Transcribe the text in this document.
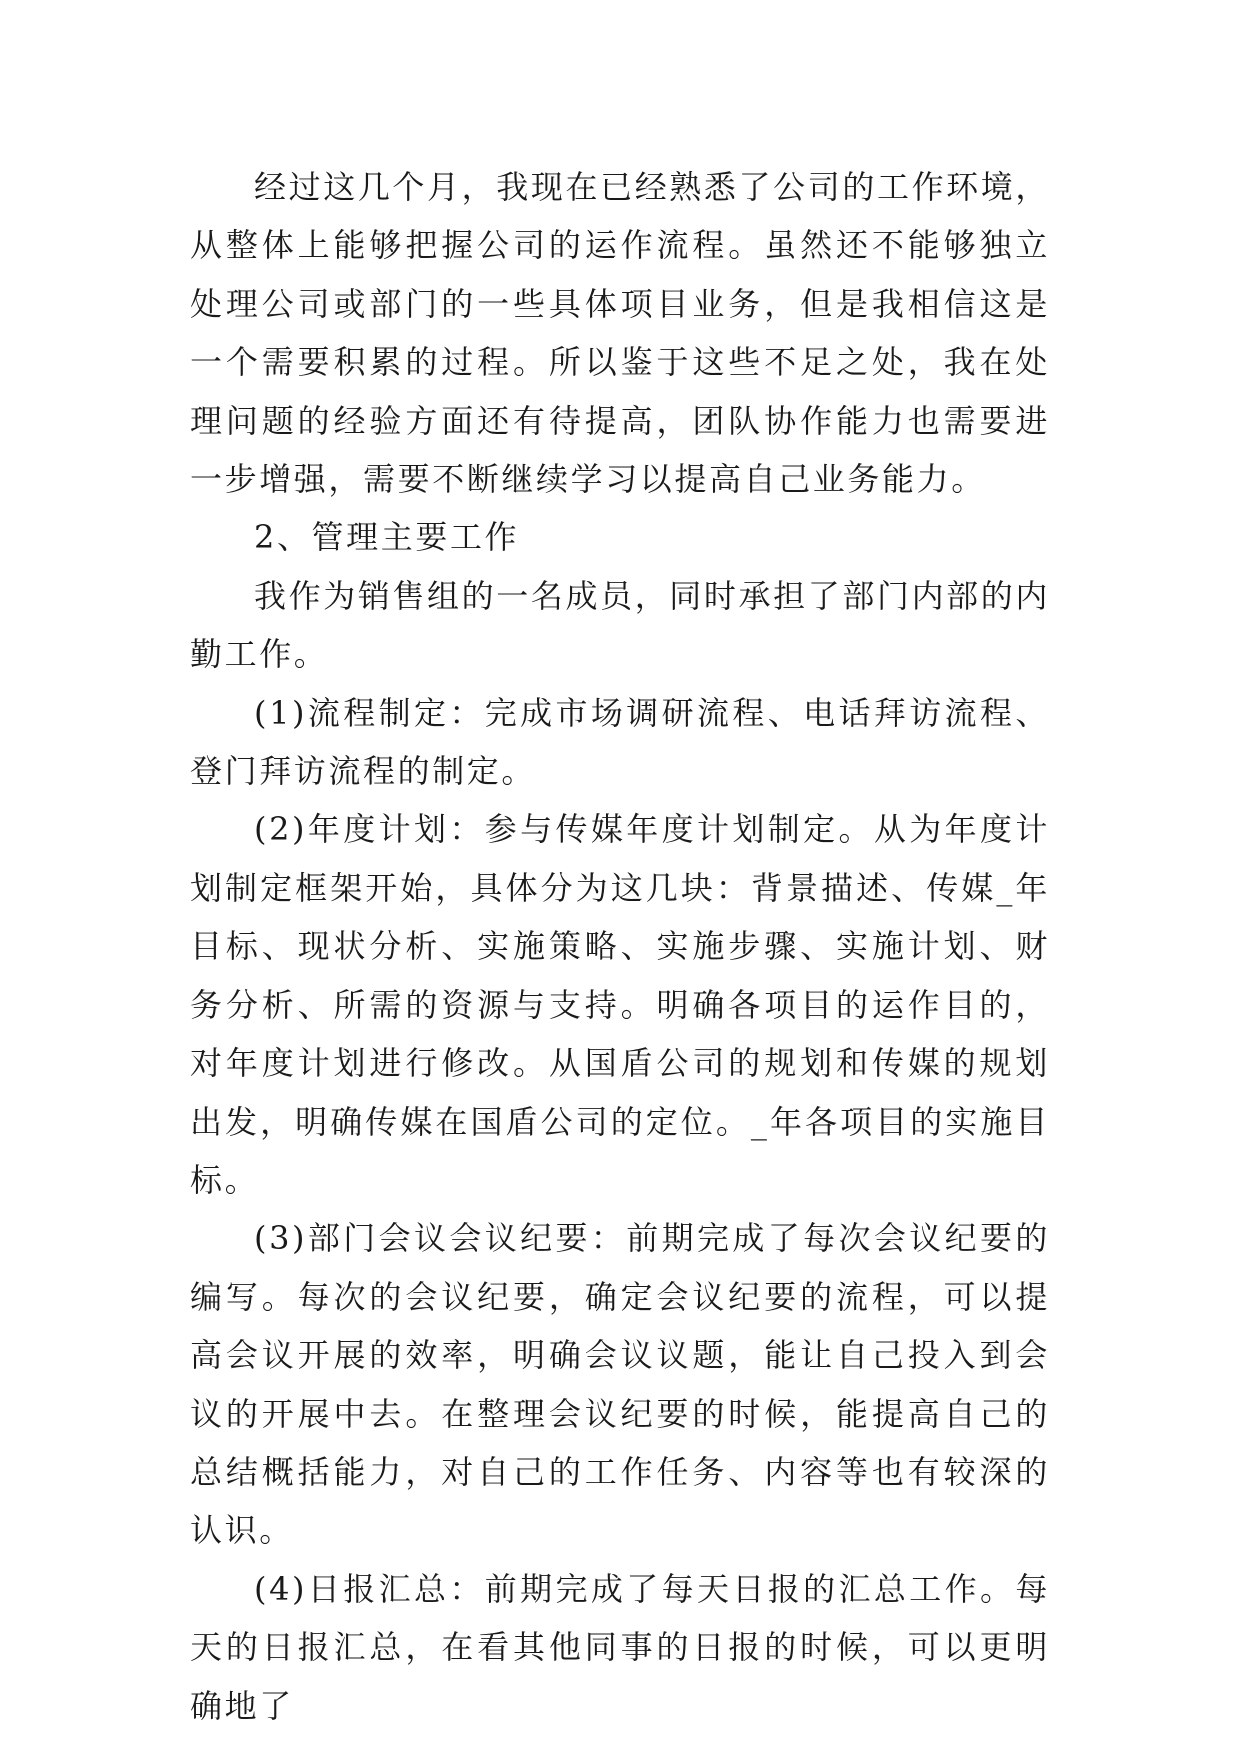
经过这几个月，我现在已经熟悉了公司的工作环境，从整体上能够把握公司的运作流程。虽然还不能够独立处理公司或部门的一些具体项目业务，但是我相信这是一个需要积累的过程。所以鉴于这些不足之处，我在处理问题的经验方面还有待提高，团队协作能力也需要进一步增强，需要不断继续学习以提高自己业务能力。

2、管理主要工作

我作为销售组的一名成员，同时承担了部门内部的内勤工作。

(1)流程制定：完成市场调研流程、电话拜访流程、登门拜访流程的制定。

(2)年度计划：参与传媒年度计划制定。从为年度计划制定框架开始，具体分为这几块：背景描述、传媒_年目标、现状分析、实施策略、实施步骤、实施计划、财务分析、所需的资源与支持。明确各项目的运作目的，对年度计划进行修改。从国盾公司的规划和传媒的规划出发，明确传媒在国盾公司的定位。_年各项目的实施目标。

(3)部门会议会议纪要：前期完成了每次会议纪要的编写。每次的会议纪要，确定会议纪要的流程，可以提高会议开展的效率，明确会议议题，能让自己投入到会议的开展中去。在整理会议纪要的时候，能提高自己的总结概括能力，对自己的工作任务、内容等也有较深的认识。

(4)日报汇总：前期完成了每天日报的汇总工作。每天的日报汇总，在看其他同事的日报的时候，可以更明确地了
